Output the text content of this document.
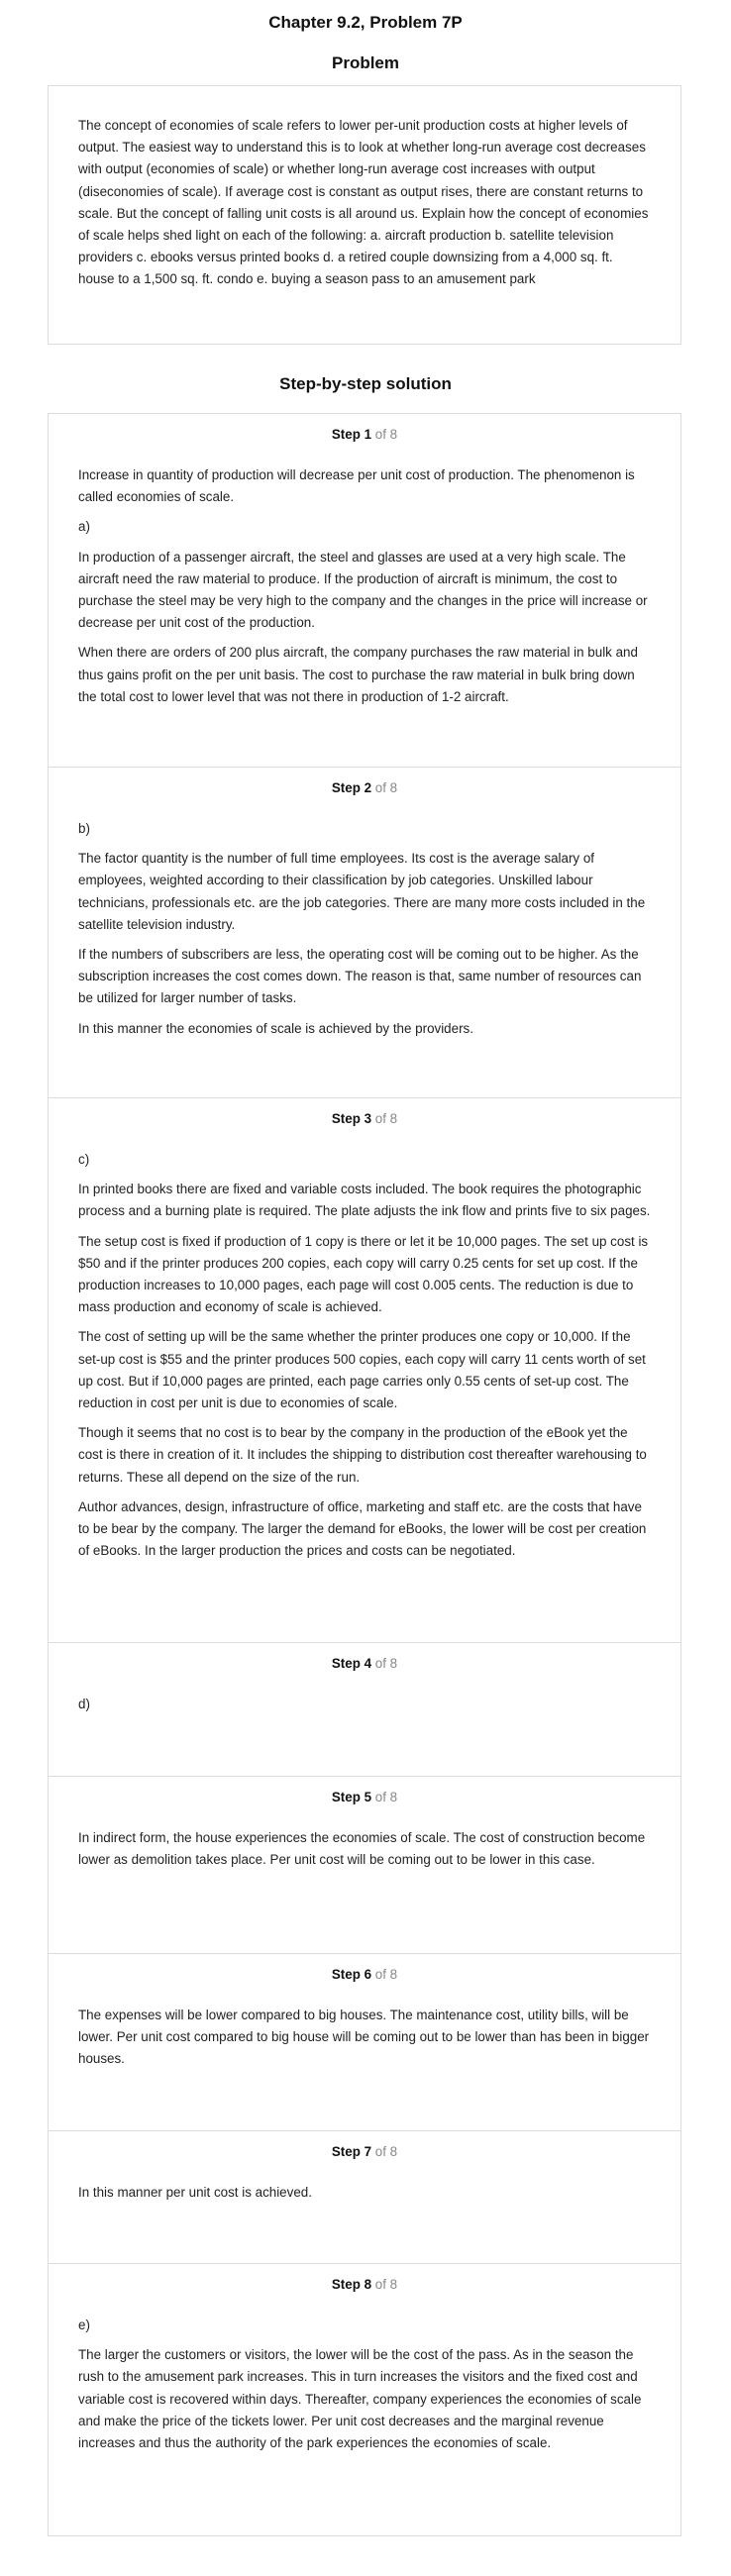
Chapter 9.2, Problem 7P
Problem

The concept of economies of scale refers to lower per-unit production costs at higher levels of output. The easiest way to understand this is to look at whether long-run average cost decreases with output (economies of scale) or whether long-run average cost increases with output (diseconomies of scale). If average cost is constant as output rises, there are constant returns to scale. But the concept of falling unit costs is all around us. Explain how the concept of economies of scale helps shed light on each of the following: a. aircraft production b. satellite television providers c. ebooks versus printed books d. a retired couple downsizing from a 4,000 sq. ft. house to a 1,500 sq. ft. condo e. buying a season pass to an amusement park

Step-by-step solution
Step 1 of 8

Increase in quantity of production will decrease per unit cost of production. The phenomenon is called economies of scale.

a)

In production of a passenger aircraft, the steel and glasses are used at a very high scale. The aircraft need the raw material to produce. If the production of aircraft is minimum, the cost to purchase the steel may be very high to the company and the changes in the price will increase or decrease per unit cost of the production.

When there are orders of 200 plus aircraft, the company purchases the raw material in bulk and thus gains profit on the per unit basis. The cost to purchase the raw material in bulk bring down the total cost to lower level that was not there in production of 1-2 aircraft.

Step 2 of 8

b)

The factor quantity is the number of full time employees. Its cost is the average salary of employees, weighted according to their classification by job categories. Unskilled labour technicians, professionals etc. are the job categories. There are many more costs included in the satellite television industry.

If the numbers of subscribers are less, the operating cost will be coming out to be higher. As the subscription increases the cost comes down. The reason is that, same number of resources can be utilized for larger number of tasks.

In this manner the economies of scale is achieved by the providers.

Step 3 of 8

c)

In printed books there are fixed and variable costs included. The book requires the photographic process and a burning plate is required. The plate adjusts the ink flow and prints five to six pages.

The setup cost is fixed if production of 1 copy is there or let it be 10,000 pages. The set up cost is $50 and if the printer produces 200 copies, each copy will carry 0.25 cents for set up cost. If the production increases to 10,000 pages, each page will cost 0.005 cents. The reduction is due to mass production and economy of scale is achieved.

The cost of setting up will be the same whether the printer produces one copy or 10,000. If the set-up cost is $55 and the printer produces 500 copies, each copy will carry 11 cents worth of set up cost. But if 10,000 pages are printed, each page carries only 0.55 cents of set-up cost. The reduction in cost per unit is due to economies of scale.

Though it seems that no cost is to bear by the company in the production of the eBook yet the cost is there in creation of it. It includes the shipping to distribution cost thereafter warehousing to returns. These all depend on the size of the run.

Author advances, design, infrastructure of office, marketing and staff etc. are the costs that have to be bear by the company. The larger the demand for eBooks, the lower will be cost per creation of eBooks. In the larger production the prices and costs can be negotiated.

Step 4 of 8

d)

Step 5 of 8

In indirect form, the house experiences the economies of scale. The cost of construction become lower as demolition takes place. Per unit cost will be coming out to be lower in this case.

Step 6 of 8

The expenses will be lower compared to big houses. The maintenance cost, utility bills, will be lower. Per unit cost compared to big house will be coming out to be lower than has been in bigger houses.

Step 7 of 8

In this manner per unit cost is achieved.

Step 8 of 8

e)

The larger the customers or visitors, the lower will be the cost of the pass. As in the season the rush to the amusement park increases. This in turn increases the visitors and the fixed cost and variable cost is recovered within days. Thereafter, company experiences the economies of scale and make the price of the tickets lower. Per unit cost decreases and the marginal revenue increases and thus the authority of the park experiences the economies of scale.
